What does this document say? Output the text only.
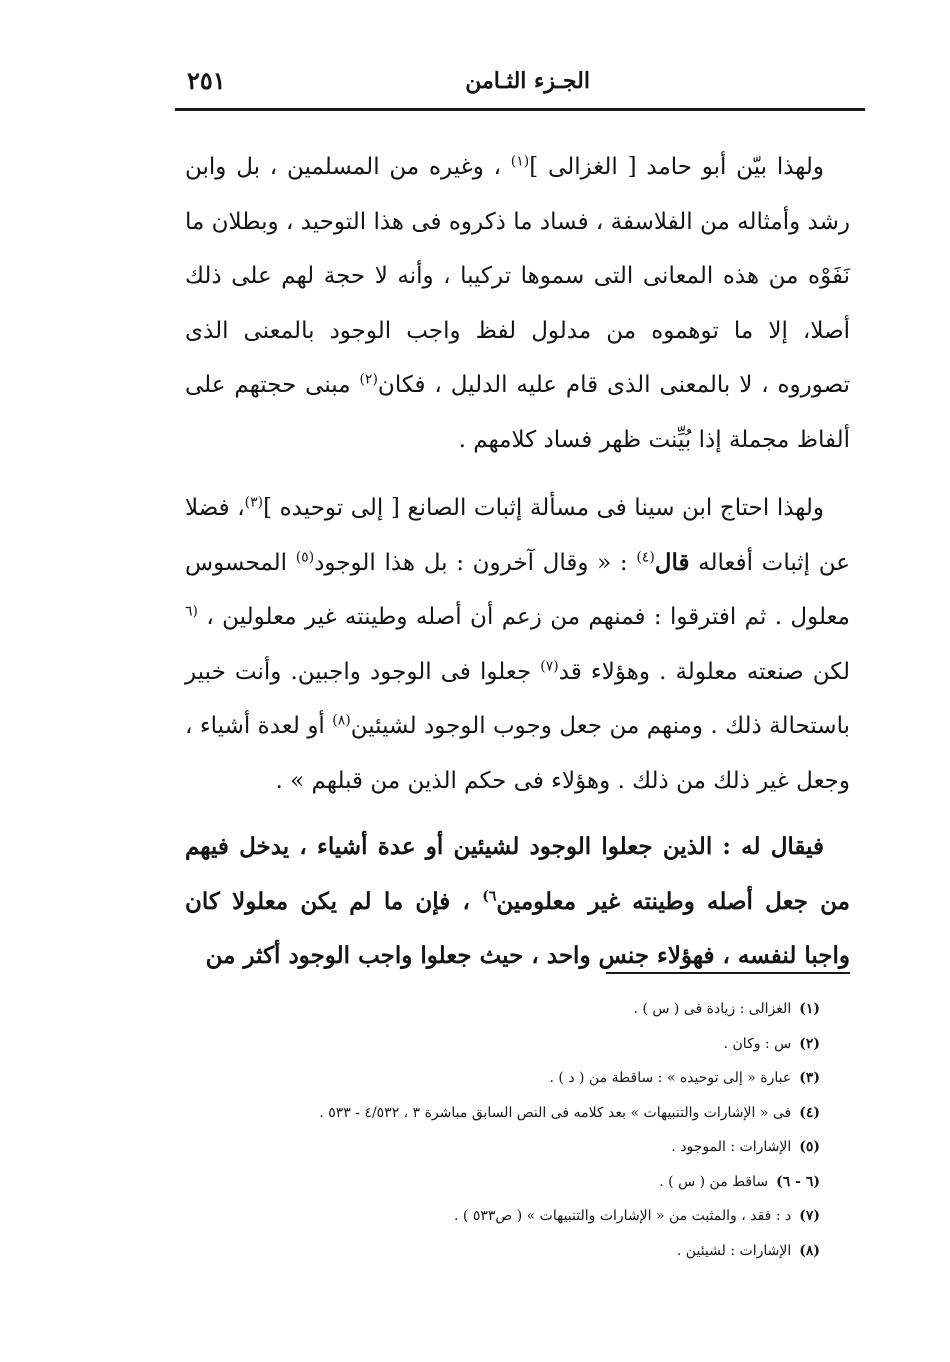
الجـزء الثـامن
٢٥١

ولهذا بيّن أبو حامد [ الغزالى ]$^{(١)}$ ، وغيره من المسلمين ، بل وابن رشد وأمثاله من الفلاسفة ، فساد ما ذكروه فى هذا التوحيد ، وبطلان ما نَفَوْه من هذه المعانى التى سموها تركيبا ، وأنه لا حجة لهم على ذلك أصلا، إلا ما توهموه من مدلول لفظ واجب الوجود بالمعنى الذى تصوروه ، لا بالمعنى الذى قام عليه الدليل ، فكان$^{(٢)}$ مبنى حجتهم على ألفاظ مجملة إذا بُيِّنت ظهر فساد كلامهم .

ولهذا احتاج ابن سينا فى مسألة إثبات الصانع [ إلى توحيده ]$^{(٣)}$، فضلا عن إثبات أفعاله قال$^{(٤)}$ : « وقال آخرون : بل هذا الوجود$^{(٥)}$ المحسوس معلول . ثم افترقوا : فمنهم من زعم أن أصله وطينته غير معلولين ، $^{(٦}$ لكن صنعته معلولة . وهؤلاء قد$^{(٧)}$ جعلوا فى الوجود واجبين. وأنت خبير باستحالة ذلك . ومنهم من جعل وجوب الوجود لشيئين$^{(٨)}$ أو لعدة أشياء ، وجعل غير ذلك من ذلك . وهؤلاء فى حكم الذين من قبلهم » .

فيقال له : الذين جعلوا الوجود لشيئين أو عدة أشياء ، يدخل فيهم من جعل أصله وطينته غير معلومين$^{٦)}$ ، فإن ما لم يكن معلولا كان واجبا لنفسه ، فهؤلاء جنس واحد ، حيث جعلوا واجب الوجود أكثر من

(١)الغزالى : زيادة فى ( س ) .
(٢)س : وكان .
(٣)عبارة « إلى توحيده » : ساقطة من ( د ) .
(٤)فى « الإشارات والتنبيهات » بعد كلامه فى النص السابق مباشرة ٣ ، ٤/٥٣٢ - ٥٣٣ .
(٥)الإشارات : الموجود .
(٦ - ٦)ساقط من ( س ) .
(٧)د : فقد ، والمثبت من « الإشارات والتنبيهات » ( ص٥٣٣ ) .
(٨)الإشارات : لشيئين .
